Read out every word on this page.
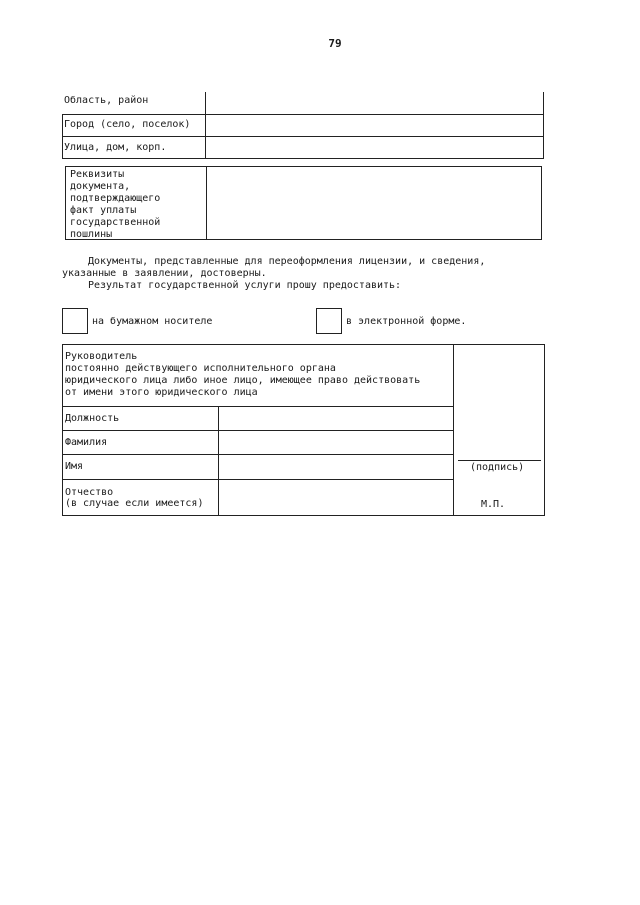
79
Область, район
Город (село, поселок)
Улица, дом, корп.
Реквизиты
документа,
подтверждающего
факт уплаты
государственной
пошлины
Документы, представленные для переоформления лицензии, и сведения,
указанные в заявлении, достоверны.
Результат государственной услуги прошу предоставить:
на бумажном носителе	в электронной форме.
Руководитель
постоянно действующего исполнительного органа
юридического лица либо иное лицо, имеющее право действовать
от имени этого юридического лица
Должность
Фамилия
Имя
Отчество
(в случае если имеется)
(подпись)
М.П.
